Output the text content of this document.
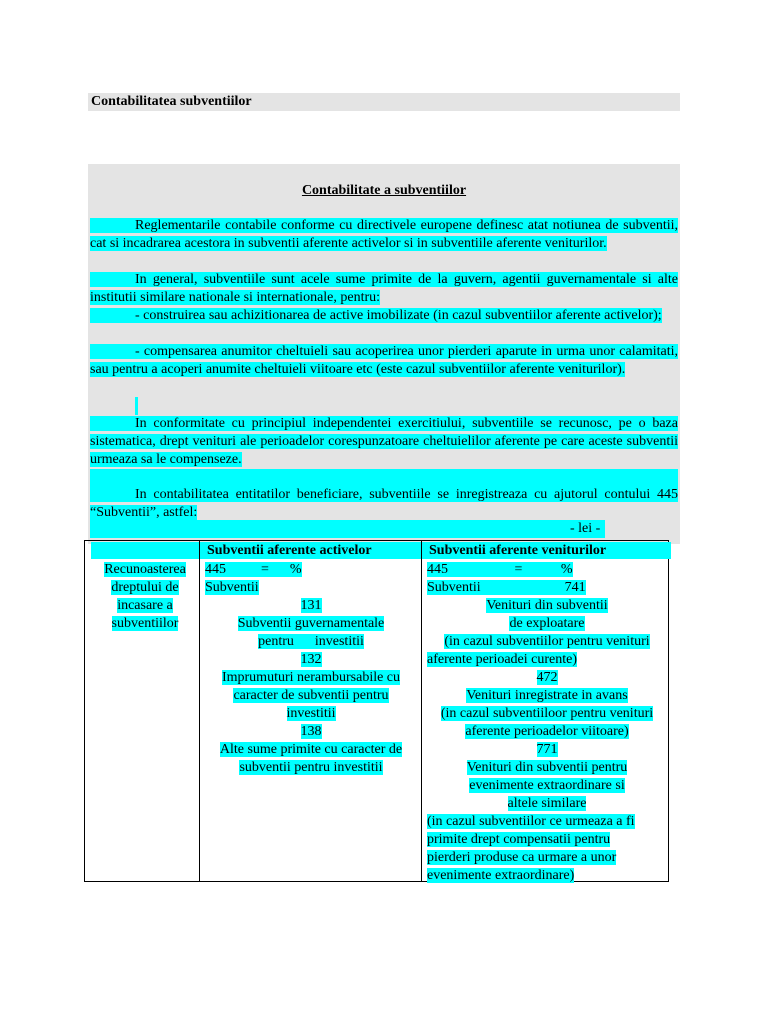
Contabilitatea subventiilor
Contabilitate a subventiilor

Reglementarile contabile conforme cu directivele europene definesc atat notiunea de subventii, cat si incadrarea acestora in subventii aferente activelor si in subventiile aferente veniturilor.

In general, subventiile sunt acele sume primite de la guvern, agentii guvernamentale si alte institutii similare nationale si internationale, pentru:

- construirea sau achizitionarea de active imobilizate (in cazul subventiilor aferente activelor);

- compensarea anumitor cheltuieli sau acoperirea unor pierderi aparute in urma unor calamitati, sau pentru a acoperi anumite cheltuieli viitoare etc (este cazul subventiilor aferente veniturilor).

In conformitate cu principiul independentei exercitiului, subventiile se recunosc, pe o baza sistematica, drept venituri ale perioadelor corespunzatoare cheltuielilor aferente pe care aceste subventii urmeaza sa le compenseze.

In contabilitatea entitatilor beneficiare, subventiile se inregistreaza cu ajutorul contului 445 “Subventii”, astfel:

- lei -
Subventii aferente activelor	Subventii aferente veniturilor
Recunoasterea
dreptului de
incasare a
subventiilor
445          =      %
Subventii
131
Subventii guvernamentale
pentru      investitii
132
Imprumuturi nerambursabile cu
caracter de subventii pentru
investitii
138
Alte sume primite cu caracter de
subventii pentru investitii
445                   =           %
Subventii                        741
Venituri din subventii
de exploatare
(in cazul subventiilor pentru venituri
aferente perioadei curente)
472
Venituri inregistrate in avans
(in cazul subventiiloor pentru venituri
aferente perioadelor viitoare)
771
Venituri din subventii pentru
evenimente extraordinare si
altele similare
(in cazul subventiilor ce urmeaza a fi
primite drept compensatii pentru
pierderi produse ca urmare a unor
evenimente extraordinare)
